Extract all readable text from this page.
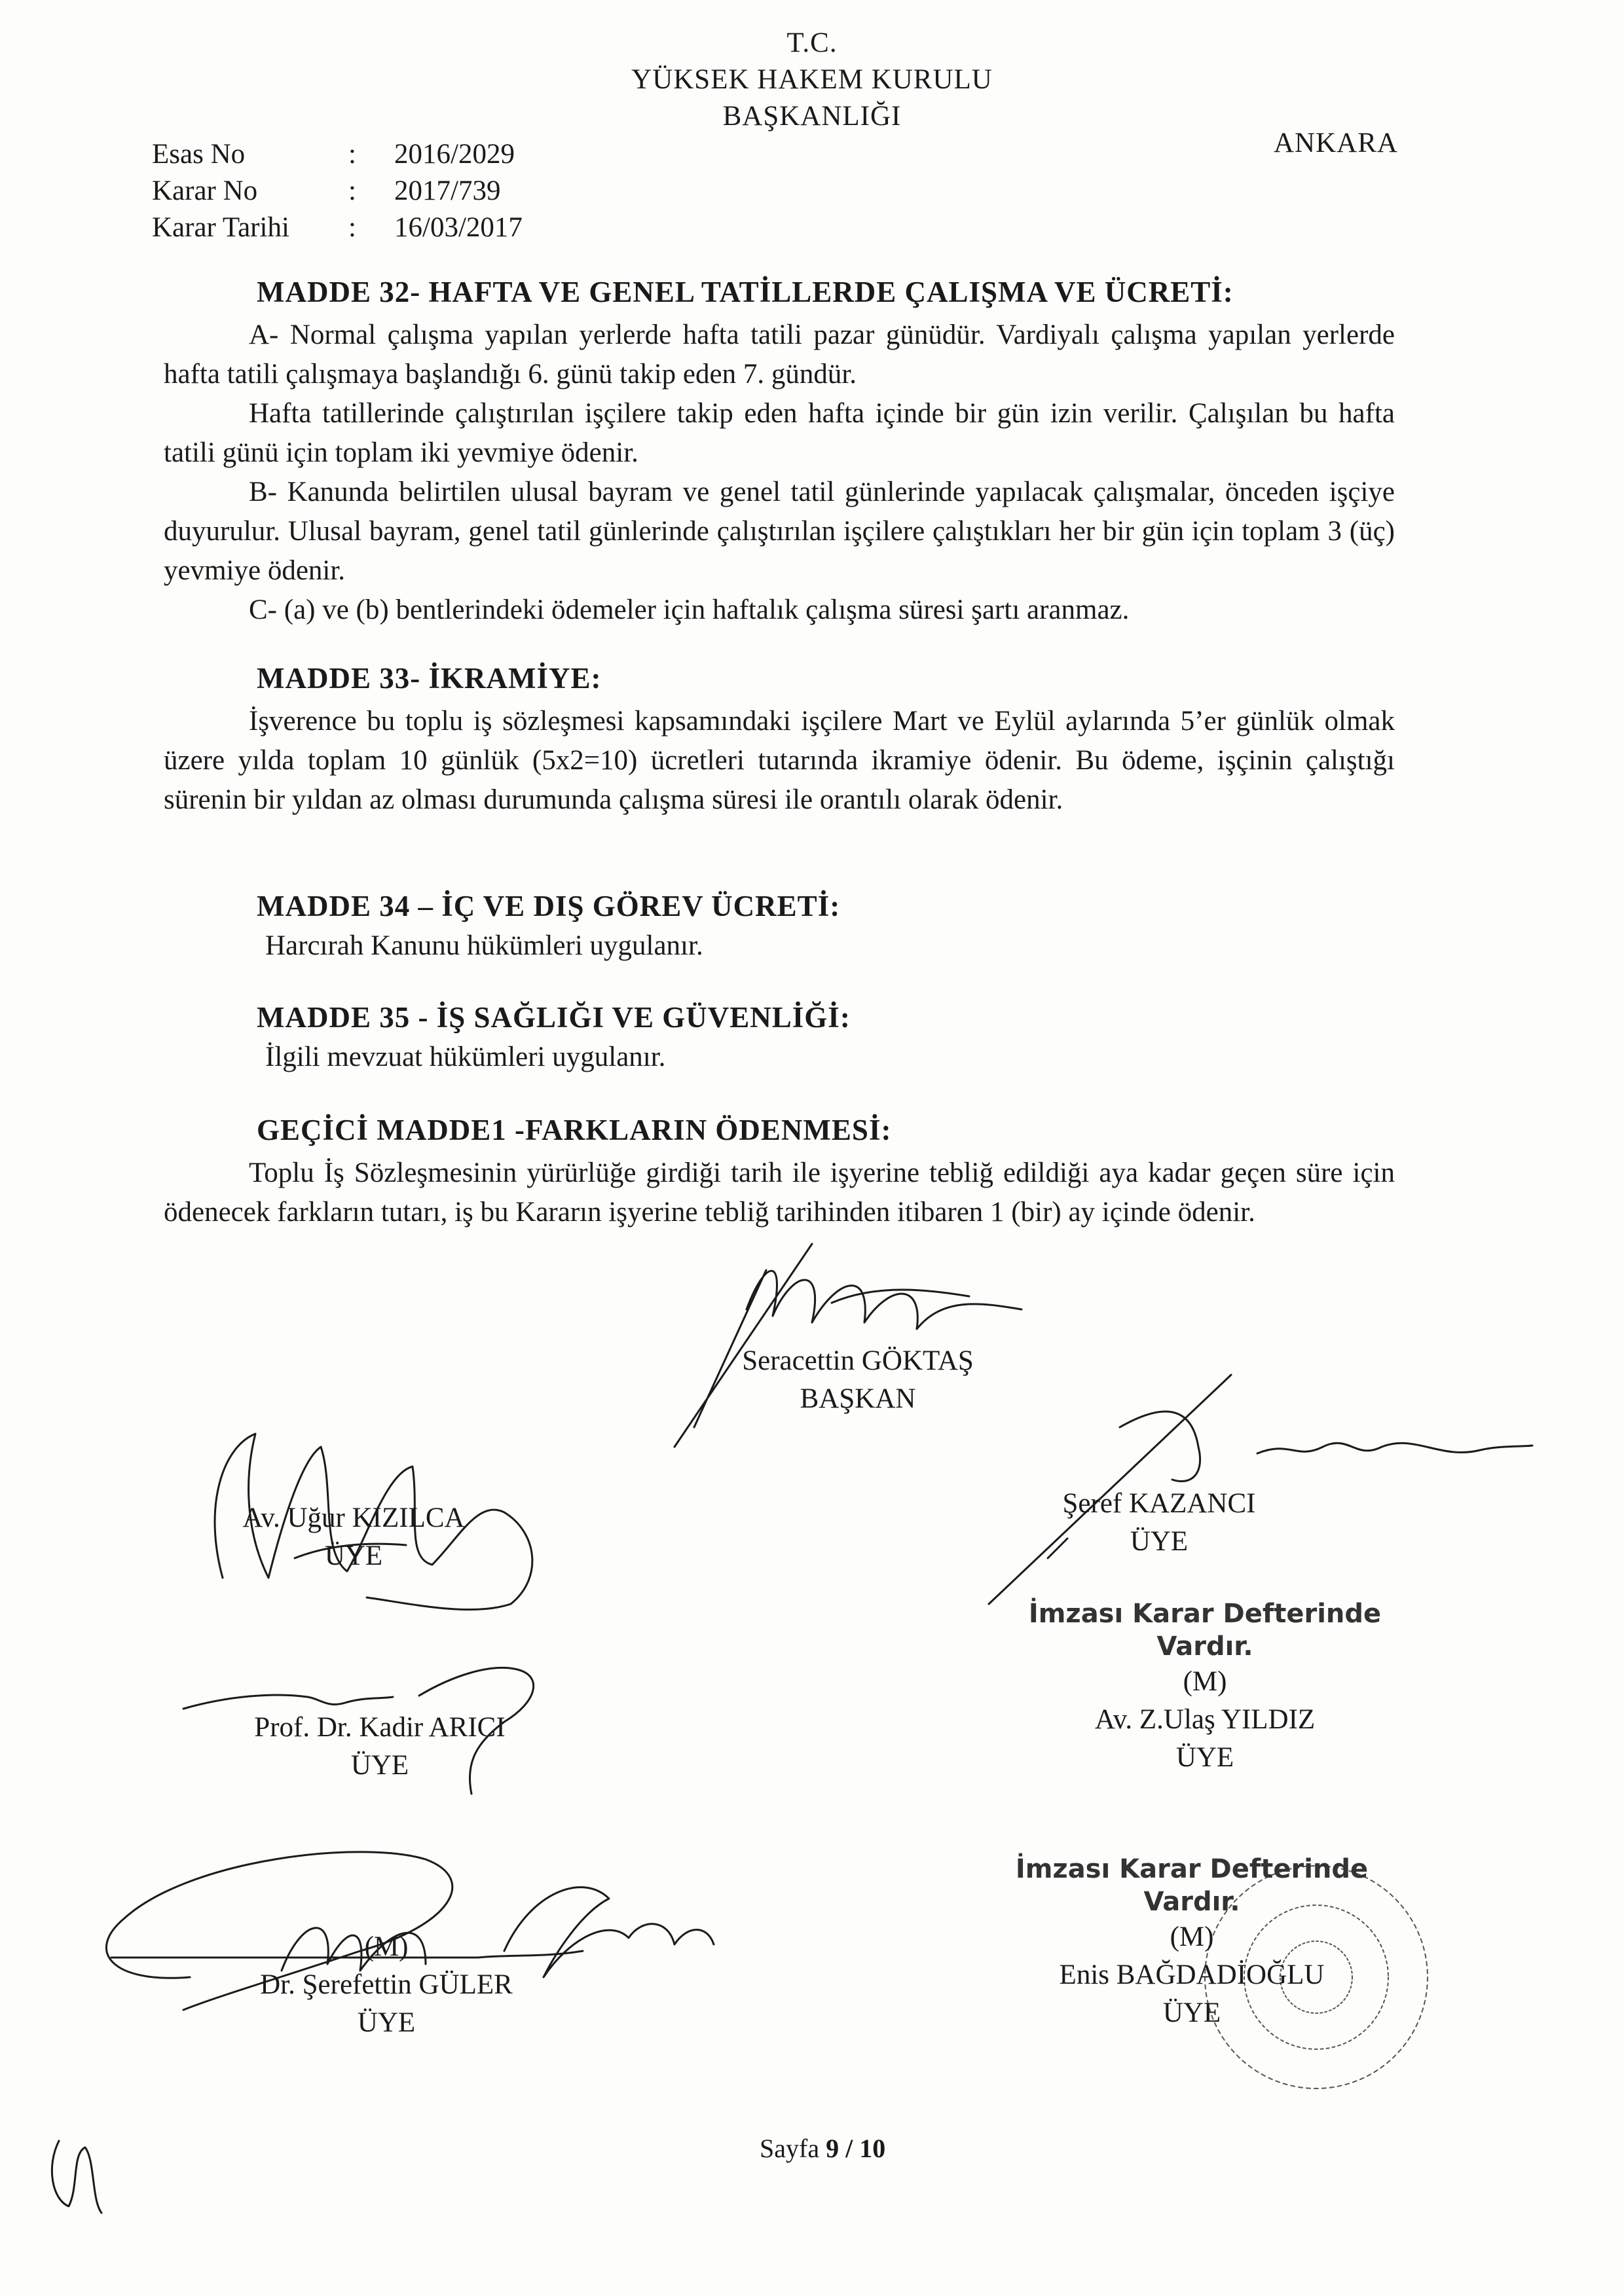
T.C.
YÜKSEK HAKEM KURULU
BAŞKANLIĞI
Esas No	: 2016/2029
Karar No	: 2017/739
Karar Tarihi : 16/03/2017
ANKARA
MADDE 32- HAFTA VE GENEL TATİLLERDE ÇALIŞMA VE ÜCRETİ:

A- Normal çalışma yapılan yerlerde hafta tatili pazar günüdür. Vardiyalı çalışma yapılan yerlerde hafta tatili çalışmaya başlandığı 6. günü takip eden 7. gündür.

Hafta tatillerinde çalıştırılan işçilere takip eden hafta içinde bir gün izin verilir. Çalışılan bu hafta tatili günü için toplam iki yevmiye ödenir.

B- Kanunda belirtilen ulusal bayram ve genel tatil günlerinde yapılacak çalışmalar, önceden işçiye duyurulur. Ulusal bayram, genel tatil günlerinde çalıştırılan işçilere çalıştıkları her bir gün için toplam 3 (üç) yevmiye ödenir.

C- (a) ve (b) bentlerindeki ödemeler için haftalık çalışma süresi şartı aranmaz.

MADDE 33- İKRAMİYE:

İşverence bu toplu iş sözleşmesi kapsamındaki işçilere Mart ve Eylül aylarında 5’er günlük olmak üzere yılda toplam 10 günlük (5x2=10) ücretleri tutarında ikramiye ödenir. Bu ödeme, işçinin çalıştığı sürenin bir yıldan az olması durumunda çalışma süresi ile orantılı olarak ödenir.

MADDE 34 – İÇ VE DIŞ GÖREV ÜCRETİ:
Harcırah Kanunu hükümleri uygulanır.
MADDE 35 - İŞ SAĞLIĞI VE GÜVENLİĞİ:
İlgili mevzuat hükümleri uygulanır.
GEÇİCİ MADDE1 -FARKLARIN ÖDENMESİ:

Toplu İş Sözleşmesinin yürürlüğe girdiği tarih ile işyerine tebliğ edildiği aya kadar geçen süre için ödenecek farkların tutarı, iş bu Kararın işyerine tebliğ tarihinden itibaren 1 (bir) ay içinde ödenir.

Seracettin GÖKTAŞ
BAŞKAN
Av. Uğur KIZILCA
ÜYE
Şeref KAZANCI
ÜYE
Prof. Dr. Kadir ARICI
ÜYE
İmzası Karar Defterinde
Vardır.
(M)
Av. Z.Ulaş YILDIZ
ÜYE
(M)
Dr. Şerefettin GÜLER
ÜYE
İmzası Karar Defterinde
Vardır.
(M)
Enis BAĞDADİOĞLU
ÜYE
Sayfa 9 / 10
